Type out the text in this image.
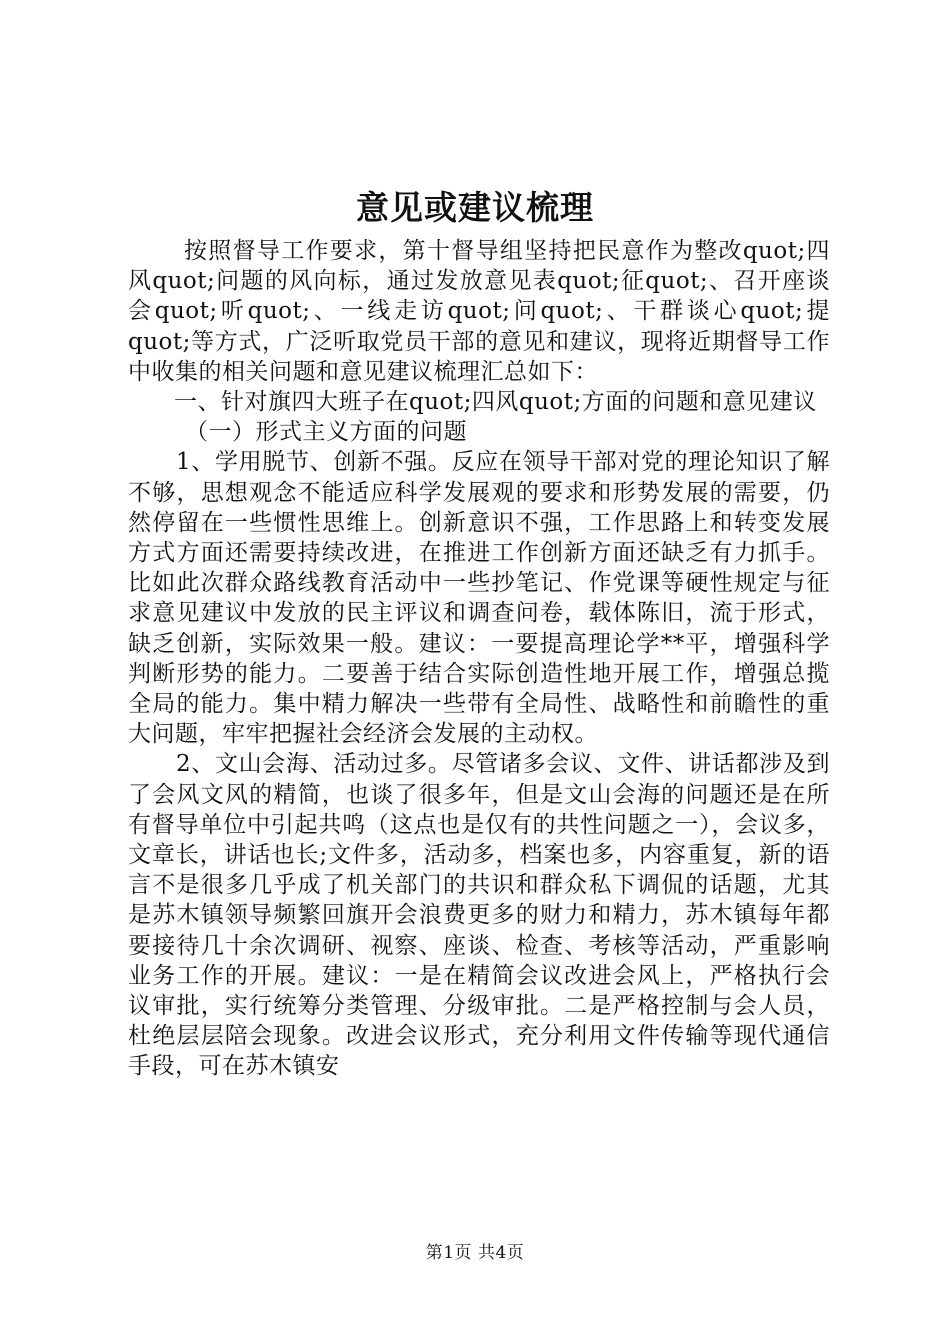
意见或建议梳理

按照督导工作要求，第十督导组坚持把民意作为整改quot;四风quot;问题的风向标，通过发放意见表quot;征quot;、召开座谈会quot;听quot;、一线走访quot;问quot;、干群谈心quot;提quot;等方式，广泛听取党员干部的意见和建议，现将近期督导工作中收集的相关问题和意见建议梳理汇总如下：

一、针对旗四大班子在quot;四风quot;方面的问题和意见建议

（一）形式主义方面的问题

1、学用脱节、创新不强。反应在领导干部对党的理论知识了解不够，思想观念不能适应科学发展观的要求和形势发展的需要，仍然停留在一些惯性思维上。创新意识不强，工作思路上和转变发展方式方面还需要持续改进，在推进工作创新方面还缺乏有力抓手。比如此次群众路线教育活动中一些抄笔记、作党课等硬性规定与征求意见建议中发放的民主评议和调查问卷，载体陈旧，流于形式，缺乏创新，实际效果一般。建议：一要提高理论学**平，增强科学判断形势的能力。二要善于结合实际创造性地开展工作，增强总揽全局的能力。集中精力解决一些带有全局性、战略性和前瞻性的重大问题，牢牢把握社会经济会发展的主动权。

2、文山会海、活动过多。尽管诸多会议、文件、讲话都涉及到了会风文风的精简，也谈了很多年，但是文山会海的问题还是在所有督导单位中引起共鸣（这点也是仅有的共性问题之一），会议多，文章长，讲话也长;文件多，活动多，档案也多，内容重复，新的语言不是很多几乎成了机关部门的共识和群众私下调侃的话题，尤其是苏木镇领导频繁回旗开会浪费更多的财力和精力，苏木镇每年都要接待几十余次调研、视察、座谈、检查、考核等活动，严重影响业务工作的开展。建议：一是在精简会议改进会风上，严格执行会议审批，实行统筹分类管理、分级审批。二是严格控制与会人员，杜绝层层陪会现象。改进会议形式，充分利用文件传输等现代通信手段，可在苏木镇安

第1页 共4页
